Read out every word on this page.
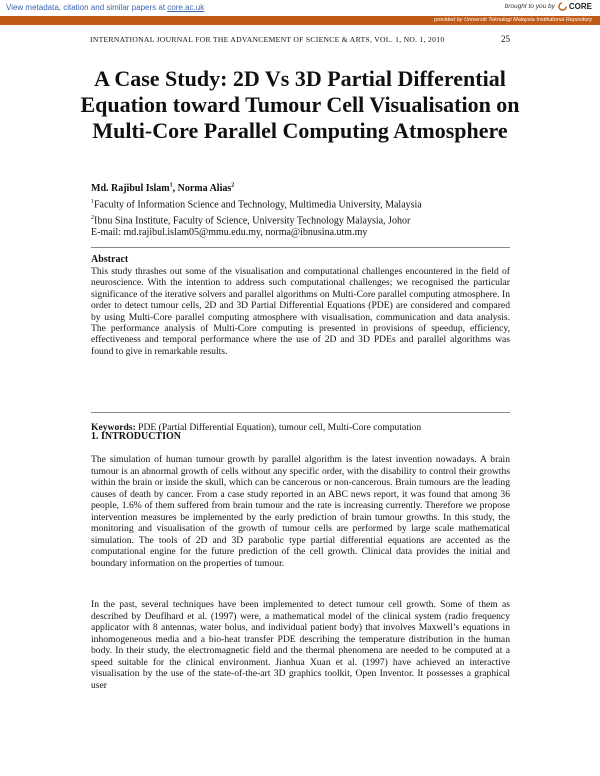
View metadata, citation and similar papers at core.ac.uk	brought to you by CORE
provided by Universiti Teknologi Malaysia Institutional Repository
INTERNATIONAL JOURNAL FOR THE ADVANCEMENT OF SCIENCE & ARTS, VOL. 1, NO. 1, 2010	25
A Case Study: 2D Vs 3D Partial Differential Equation toward Tumour Cell Visualisation on Multi-Core Parallel Computing Atmosphere
Md. Rajibul Islam$^1$, Norma Alias$^2$
$^1$Faculty of Information Science and Technology, Multimedia University, Malaysia
$^2$Ibnu Sina Institute, Faculty of Science, University Technology Malaysia, Johor
E-mail: md.rajibul.islam05@mmu.edu.my, norma@ibnusina.utm.my
Abstract
This study thrashes out some of the visualisation and computational challenges encountered in the field of neuroscience. With the intention to address such computational challenges; we recognised the particular significance of the iterative solvers and parallel algorithms on Multi-Core parallel computing atmosphere. In order to detect tumour cells, 2D and 3D Partial Differential Equations (PDE) are considered and compared by using Multi-Core parallel computing atmosphere with visualisation, communication and data analysis. The performance analysis of Multi-Core computing is presented in provisions of speedup, efficiency, effectiveness and temporal performance where the use of 2D and 3D PDEs and parallel algorithms was found to give in remarkable results.
Keywords: PDE (Partial Differential Equation), tumour cell, Multi-Core computation
1. INTRODUCTION
The simulation of human tumour growth by parallel algorithm is the latest invention nowadays. A brain tumour is an abnormal growth of cells without any specific order, with the disability to control their growths within the brain or inside the skull, which can be cancerous or non-cancerous. Brain tumours are the leading causes of death by cancer. From a case study reported in an ABC news report, it was found that among 36 people, 1.6% of them suffered from brain tumour and the rate is increasing currently. Therefore we propose intervention measures be implemented by the early prediction of brain tumour growths. In this study, the monitoring and visualisation of the growth of tumour cells are performed by large scale mathematical simulation. The tools of 2D and 3D parabolic type partial differential equations are accented as the computational engine for the future prediction of the cell growth. Clinical data provides the initial and boundary information on the properties of tumour.
In the past, several techniques have been implemented to detect tumour cell growth. Some of them as described by Deuflhard et al. (1997) were, a mathematical model of the clinical system (radio frequency applicator with 8 antennas, water bolus, and individual patient body) that involves Maxwell’s equations in inhomogeneous media and a bio-heat transfer PDE describing the temperature distribution in the human body. In their study, the electromagnetic field and the thermal phenomena are needed to be computed at a speed suitable for the clinical environment. Jianhua Xuan et al. (1997) have achieved an interactive visualisation by the use of the state-of-the-art 3D graphics toolkit, Open Inventor. It possesses a graphical user
